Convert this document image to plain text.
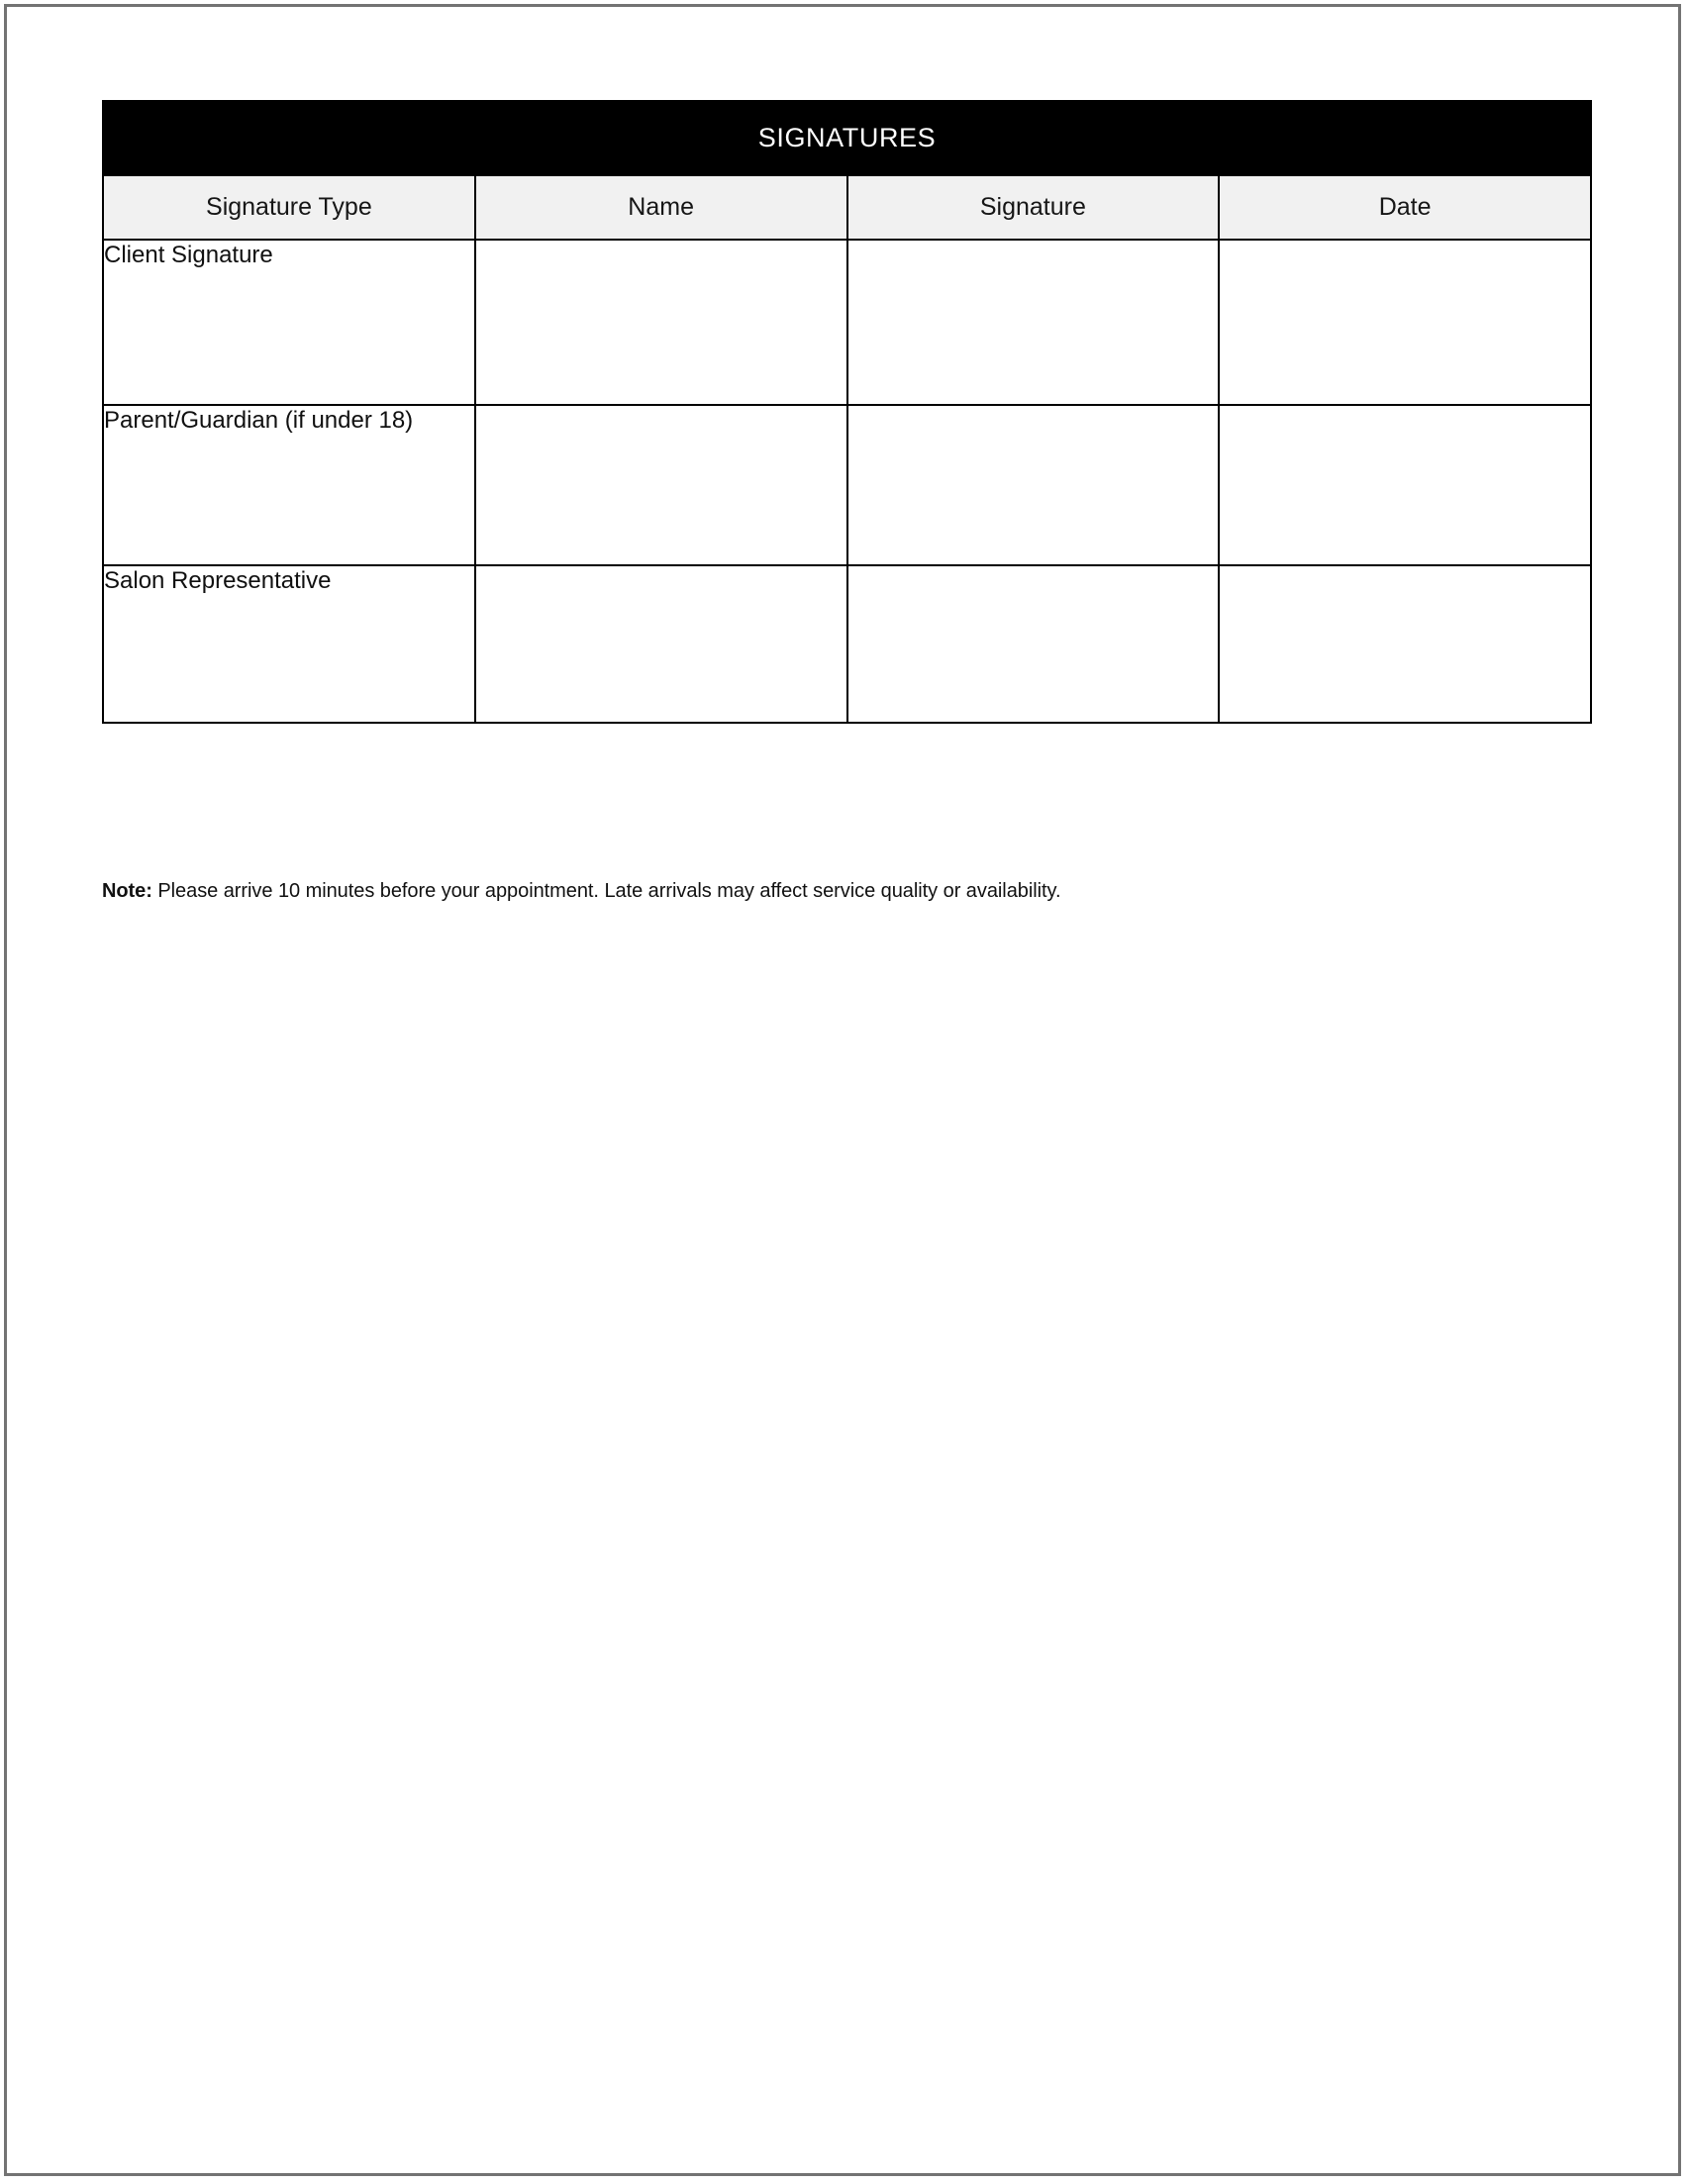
SIGNATURES			
Signature Type	Name	Signature	Date
Client Signature			
Parent/Guardian (if under 18)			
Salon Representative			
Note: Please arrive 10 minutes before your appointment. Late arrivals may affect service quality or availability.
